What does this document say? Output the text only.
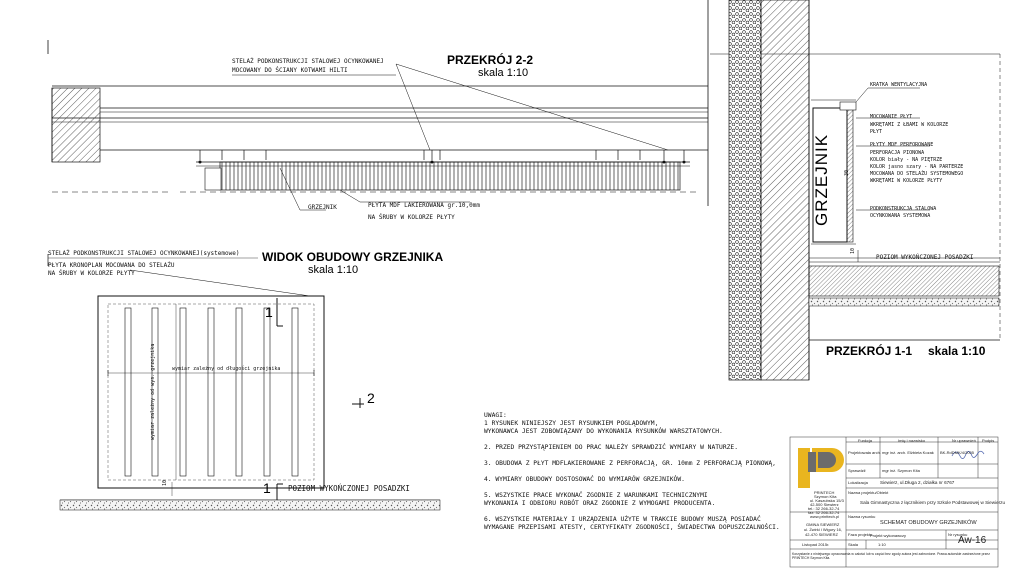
PRZEKRÓJ 2-2
skala 1:10
STELAŻ PODKONSTRUKCJI STALOWEJ OCYNKOWANEJ
MOCOWANY DO ŚCIANY KOTWAMI HILTI
PŁYTA MDF LAKIEROWANA gr.10,0mm
NA ŚRUBY W KOLORZE PŁYTY
GRZEJNIK
WIDOK OBUDOWY GRZEJNIKA
skala 1:10
STELAŻ PODKONSTRUKCJI STALOWEJ OCYNKOWANEJ(systemowe)
PŁYTA KRONOPLAN MOCOWANA DO STELAŻU
NA ŚRUBY W KOLORZE PŁYTY
wymiar zależny od długości grzejnika
wymiar zależny od wys. grzejnika
1
2
1 POZIOM WYKOŃCZONEJ POSADZKI
10
PRZEKRÓJ 1-1 skala 1:10
GRZEJNIK
KRATKA WENTYLACYJNA
MOCOWANIE PŁYT
WKRĘTAMI Z ŁBAMI W KOLORZE
PŁYT
PŁYTY MDF PERFOROWANE
PERFORACJA PIONOWA
KOLOR biały - NA PIĘTRZE
KOLOR jasno szary - NA PARTERZE
MOCOWANA DO STELAŻU SYSTEMOWEGO
WKRĘTAMI W KOLORZE PŁYTY
PODKONSTRUKCJA STALOWA
OCYNKOWANA SYSTEMOWA
POZIOM WYKOŃCZONEJ POSADZKI
10
30
UWAGI:
1 RYSUNEK NINIEJSZY JEST RYSUNKIEM POGLĄDOWYM,
WYKONAWCA JEST ZOBOWIĄZANY DO WYKONANIA RYSUNKÓW WARSZTATOWYCH.
2. PRZED PRZYSTĄPIENIEM DO PRAC NALEŻY SPRAWDZIĆ WYMIARY W NATURZE.
3. OBUDOWA Z PŁYT MDFLAKIEROWANE Z PERFORACJĄ, GR. 10mm Z PERFORACJĄ PIONOWĄ,
4. WYMIARY OBUDOWY DOSTOSOWAĆ DO WYMIARÓW GRZEJNIKÓW.
5. WSZYSTKIE PRACE WYKONAĆ ZGODNIE Z WARUNKAMI TECHNICZNYMI
WYKONANIA I ODBIORU ROBÓT ORAZ ZGODNIE Z WYMOGAMI PRODUCENTA.
6. WSZYSTKIE MATERIAŁY I URZĄDZENIA UŻYTE W TRAKCIE BUDOWY MUSZĄ POSIADAĆ
WYMAGANE PRZEPISAMI ATESTY, CERTYFIKATY ZGODNOŚCI, ŚWIADECTWA DOPUSZCZALNOŚCI.
Funkcja	Imię i nazwisko	Nr uprawnień Podpis
Projektowała arch. mgr inż. arch. Elżbieta Kozak BK-RdDMK/4/2005
Sprawdził	mgr inż. Szymon Kita
Lokalizacja	Siewierz, ul.Długa 2, działka nr 6767
Nazwa projektu/Obiekt
Sala Gimnastyczna z łącznikiem przy Szkole Podstawowej w Siewierzu
Nazwa rysunku
SCHEMAT OBUDOWY GRZEJNIKÓW
Faza projektu
Projekt wykonawczy	Nr rysunku
Aw-16
Skala	1:10
Listopad 2015r.
PRINTECH
Szymon Kita
ul. Kaszubska 15/3
42-500 Siewierz
tel.: 32 266-32-74
fax: 32 266-32-74
www.printtech.pl
GMINA SIEWIERZ
ul. Żwirki i Wigury 16,
42-470 SIEWIERZ
Korzystanie z niniejszego opracowania w całości lub w części bez zgody autora jest zabronione. Prawa autorskie zastrzeżone przez PRINTECH Szymon Kita.
